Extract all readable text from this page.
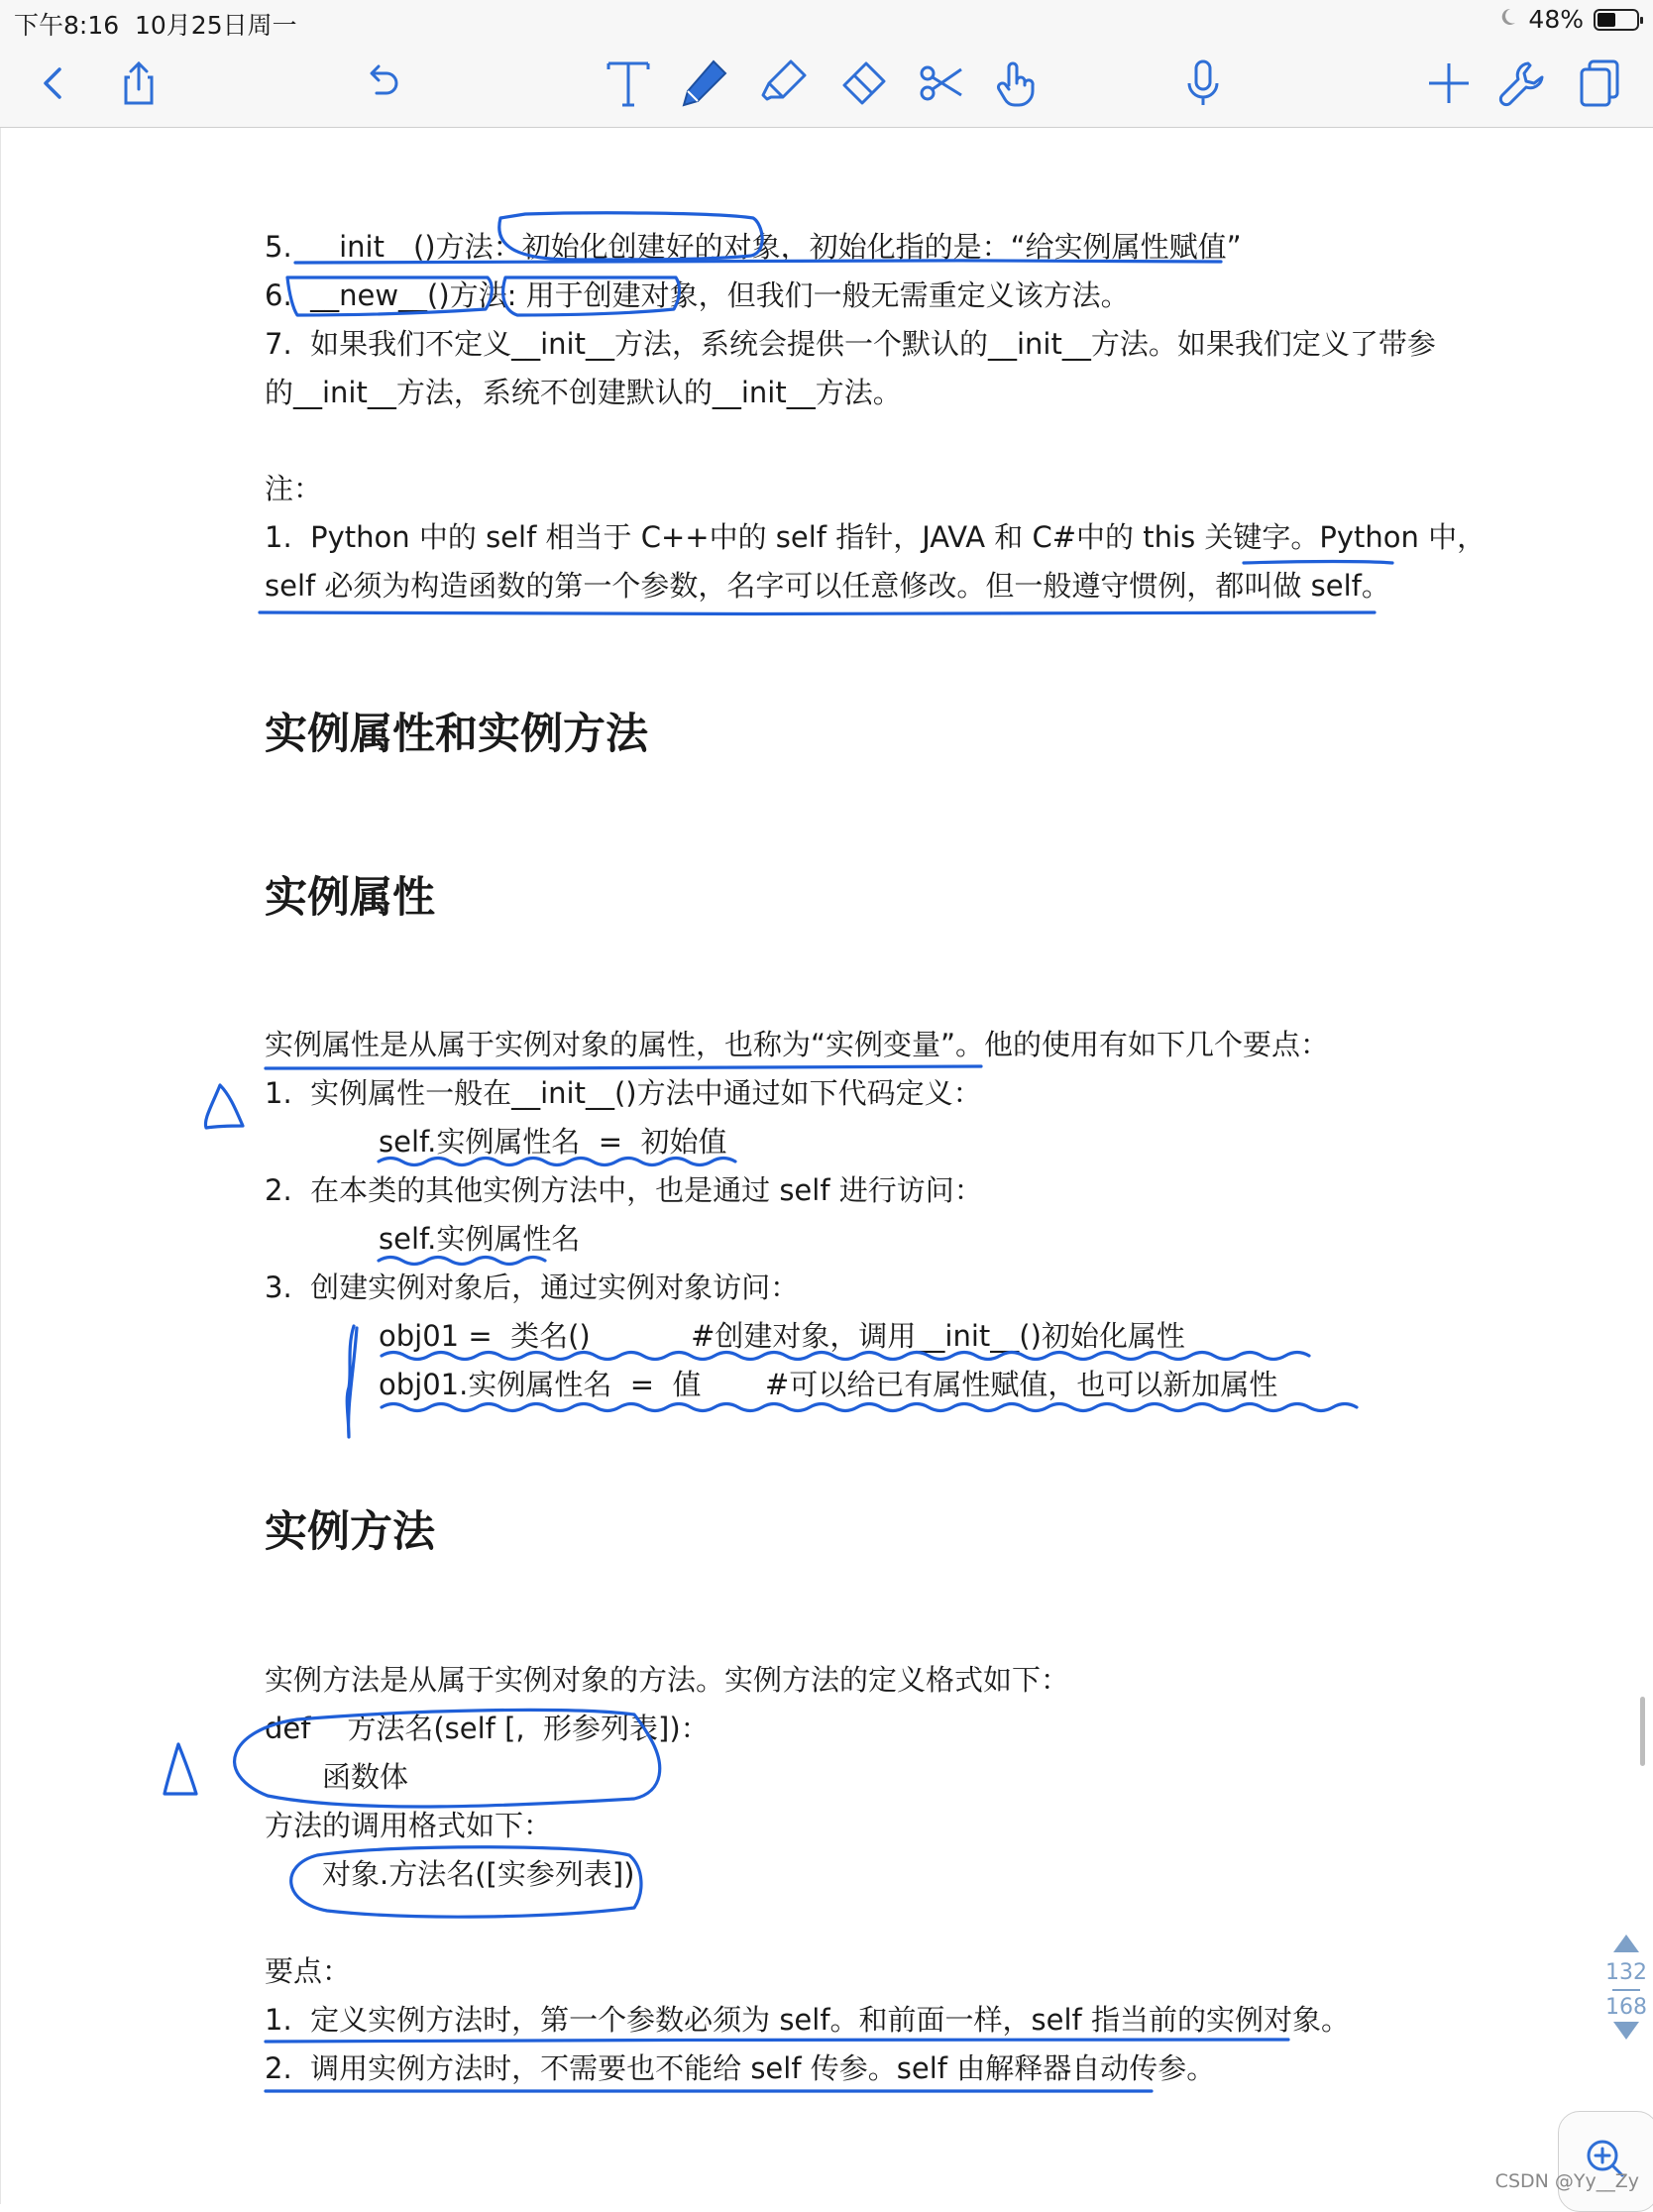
下午8:16 10月25日周一	48%
5.  __init__()方法：初始化创建好的对象，初始化指的是：“给实例属性赋值”
6.  __new__()方法: 用于创建对象，但我们一般无需重定义该方法。
7.  如果我们不定义__init__方法，系统会提供一个默认的__init__方法。如果我们定义了带参
的__init__方法，系统不创建默认的__init__方法。
注：
1.  Python 中的 self 相当于 C++中的 self 指针，JAVA 和 C#中的 this 关键字。Python 中，
self 必须为构造函数的第一个参数，名字可以任意修改。但一般遵守惯例，都叫做 self。
实例属性和实例方法
实例属性
实例属性是从属于实例对象的属性，也称为“实例变量”。他的使用有如下几个要点：
1.  实例属性一般在__init__()方法中通过如下代码定义：
self.实例属性名  =  初始值
2.  在本类的其他实例方法中，也是通过 self 进行访问：
self.实例属性名
3.  创建实例对象后，通过实例对象访问：
obj01 =  类名()           #创建对象，调用__init__()初始化属性
obj01.实例属性名  =  值       #可以给已有属性赋值，也可以新加属性
实例方法
实例方法是从属于实例对象的方法。实例方法的定义格式如下：
def    方法名(self [,  形参列表])：
函数体
方法的调用格式如下：
对象.方法名([实参列表])
要点：
1.  定义实例方法时，第一个参数必须为 self。和前面一样，self 指当前的实例对象。
2.  调用实例方法时，不需要也不能给 self 传参。self 由解释器自动传参。
132
168
CSDN @Yy__Zy
